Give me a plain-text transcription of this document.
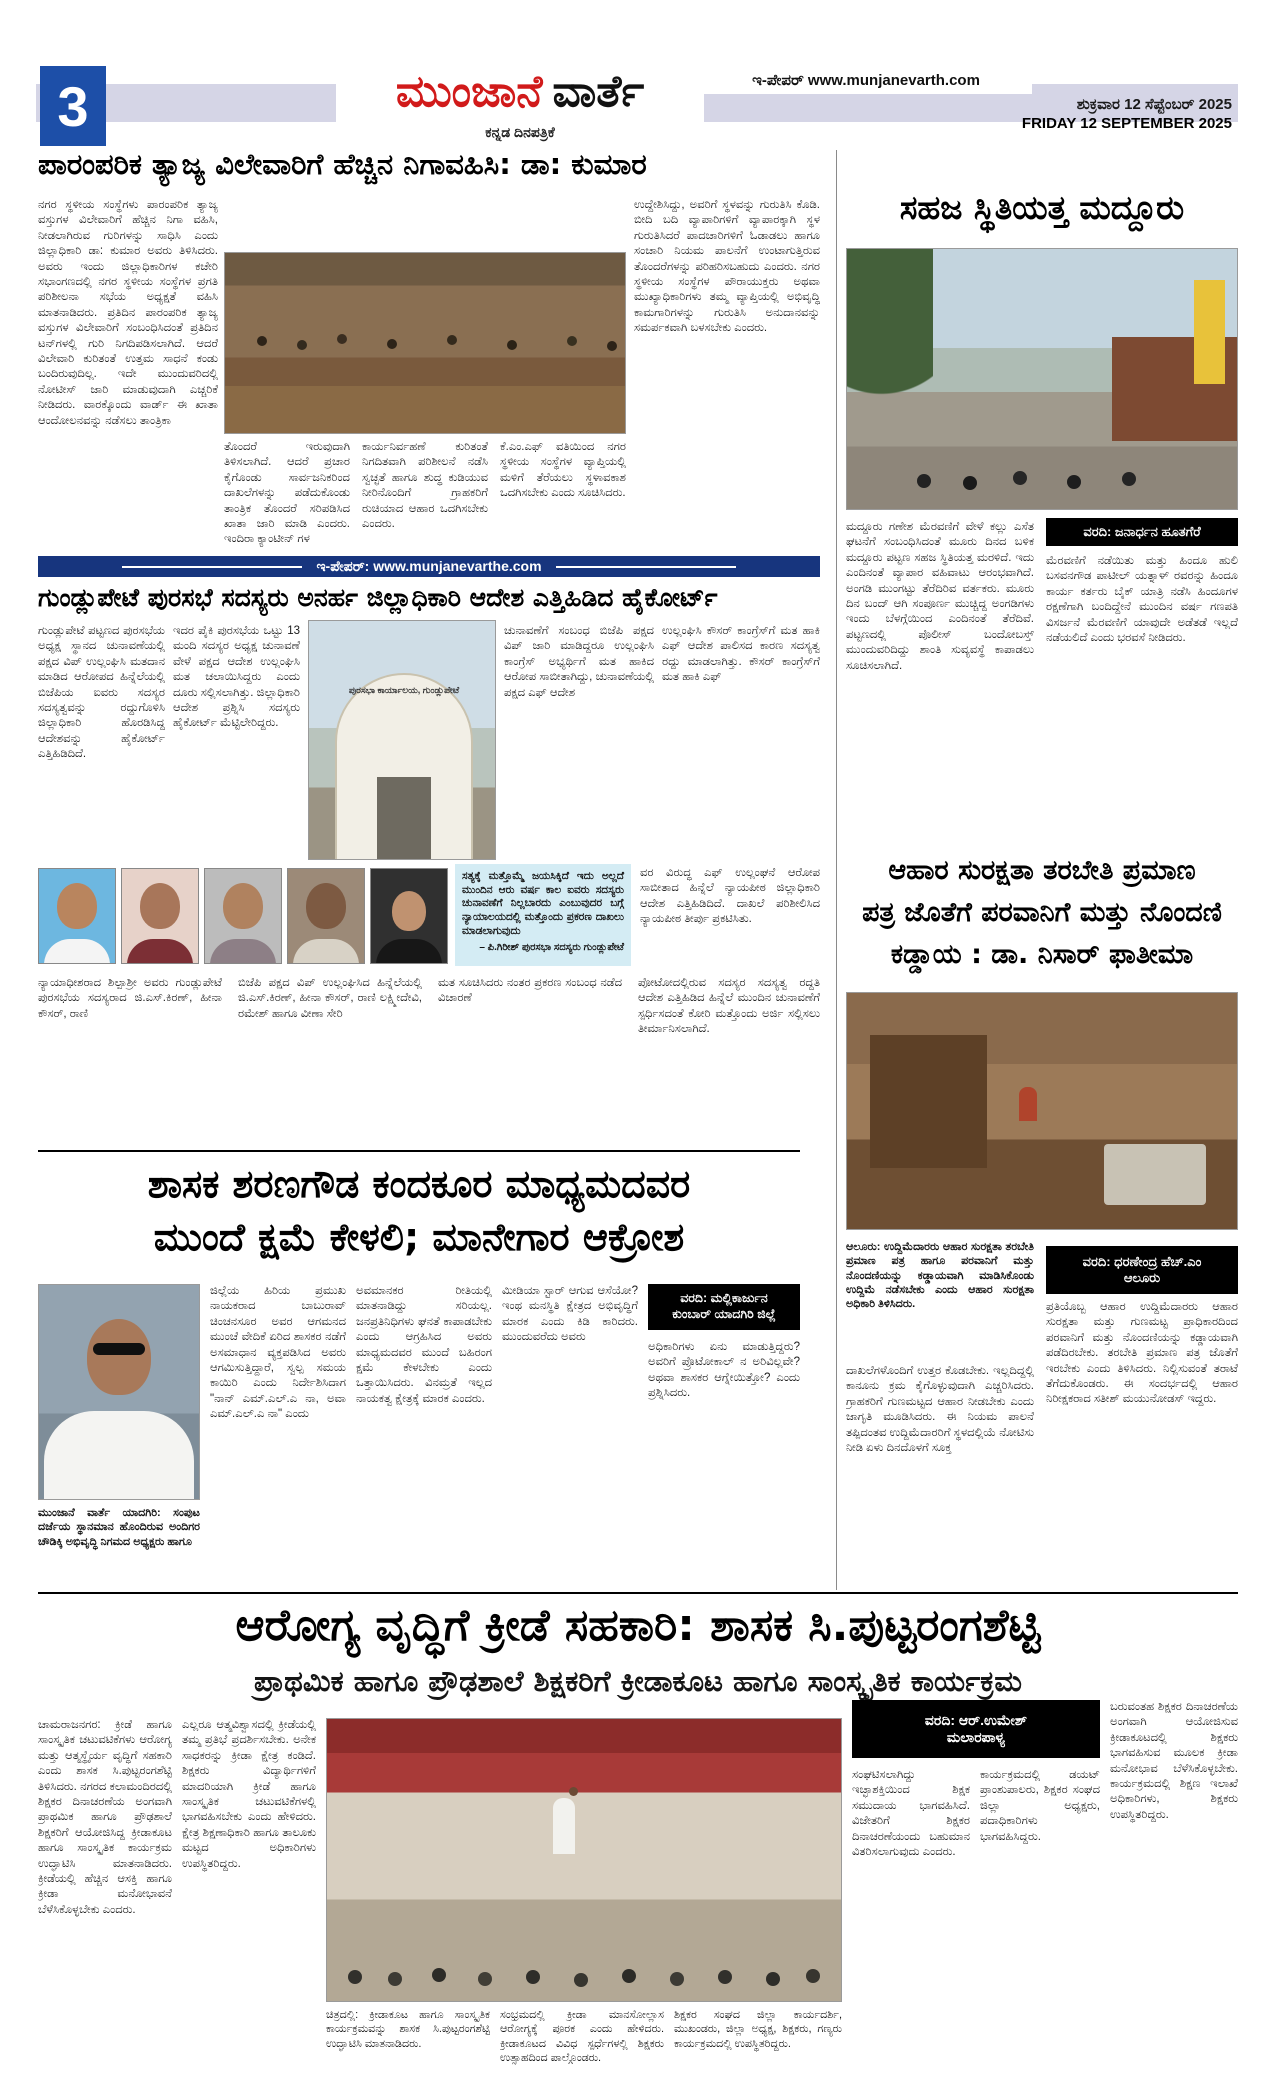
3	ಮುಂಜಾನೆ ವಾರ್ತೆ
ಕನ್ನಡ ದಿನಪತ್ರಿಕೆ
ಇ-ಪೇಪರ್ www.munjanevarth.com
ಶುಕ್ರವಾರ 12 ಸೆಪ್ಟೆಂಬರ್ 2025
FRIDAY 12 SEPTEMBER 2025
ಪಾರಂಪರಿಕ ತ್ಯಾಜ್ಯ ವಿಲೇವಾರಿಗೆ ಹೆಚ್ಚಿನ ನಿಗಾವಹಿಸಿ: ಡಾ: ಕುಮಾರ
ನಗರ ಸ್ಥಳೀಯ ಸಂಸ್ಥೆಗಳು ಪಾರಂಪರಿಕ ತ್ಯಾಜ್ಯ ವಸ್ತುಗಳ ವಿಲೇವಾರಿಗೆ ಹೆಚ್ಚಿನ ನಿಗಾ ವಹಿಸಿ, ನೀಡಲಾಗಿರುವ ಗುರಿಗಳನ್ನು ಸಾಧಿಸಿ ಎಂದು ಜಿಲ್ಲಾಧಿಕಾರಿ ಡಾ: ಕುಮಾರ ಅವರು ತಿಳಿಸಿದರು. ಅವರು ಇಂದು ಜಿಲ್ಲಾಧಿಕಾರಿಗಳ ಕಚೇರಿ ಸಭಾಂಗಣದಲ್ಲಿ ನಗರ ಸ್ಥಳೀಯ ಸಂಸ್ಥೆಗಳ ಪ್ರಗತಿ ಪರಿಶೀಲನಾ ಸಭೆಯ ಅಧ್ಯಕ್ಷತೆ ವಹಿಸಿ ಮಾತನಾಡಿದರು. ಪ್ರತಿದಿನ ಪಾರಂಪರಿಕ ತ್ಯಾಜ್ಯ ವಸ್ತುಗಳ ವಿಲೇವಾರಿಗೆ ಸಂಬಂಧಿಸಿದಂತೆ ಪ್ರತಿದಿನ ಟನ್‌ಗಳಲ್ಲಿ ಗುರಿ ನಿಗದಿಪಡಿಸಲಾಗಿದೆ. ಆದರೆ ವಿಲೇವಾರಿ ಕುರಿತಂತೆ ಉತ್ತಮ ಸಾಧನೆ ಕಂಡು ಬಂದಿರುವುದಿಲ್ಲ. ಇದೇ ಮುಂದುವರಿದಲ್ಲಿ ನೋಟೀಸ್ ಜಾರಿ ಮಾಡುವುದಾಗಿ ಎಚ್ಚರಿಕೆ ನೀಡಿದರು. ವಾರಕ್ಕೊಂದು ವಾರ್ಡ್ ಈ ಖಾತಾ ಆಂದೋಲನವನ್ನು ನಡೆಸಲು ತಾಂತ್ರಿಕಾ
ಉದ್ದೇಶಿಸಿದ್ದು, ಅವರಿಗೆ ಸ್ಥಳವನ್ನು ಗುರುತಿಸಿ ಕೊಡಿ. ಬೀದಿ ಬದಿ ವ್ಯಾಪಾರಿಗಳಿಗೆ ವ್ಯಾಪಾರಕ್ಕಾಗಿ ಸ್ಥಳ ಗುರುತಿಸಿದರೆ ಪಾದಚಾರಿಗಳಿಗೆ ಓಡಾಡಲು ಹಾಗೂ ಸಂಚಾರಿ ನಿಯಮ ಪಾಲನೆಗೆ ಉಂಟಾಗುತ್ತಿರುವ ತೊಂದರೆಗಳನ್ನು ಪರಿಹರಿಸಬಹುದು ಎಂದರು. ನಗರ ಸ್ಥಳೀಯ ಸಂಸ್ಥೆಗಳ ಪೌರಾಯುಕ್ತರು ಅಥವಾ ಮುಖ್ಯಾಧಿಕಾರಿಗಳು ತಮ್ಮ ವ್ಯಾಪ್ತಿಯಲ್ಲಿ ಅಭಿವೃದ್ಧಿ ಕಾಮಗಾರಿಗಳನ್ನು ಗುರುತಿಸಿ ಅನುದಾನವನ್ನು ಸಮರ್ಪಕವಾಗಿ ಬಳಸಬೇಕು ಎಂದರು.
ತೊಂದರೆ ಇರುವುದಾಗಿ ತಿಳಿಸಲಾಗಿದೆ. ಆದರೆ ಪ್ರಚಾರ ಕೈಗೊಂಡು ಸಾರ್ವಜನಿಕರಿಂದ ದಾಖಲೆಗಳನ್ನು ಪಡೆದುಕೊಂಡು ತಾಂತ್ರಿಕ ತೊಂದರೆ ಸರಿಪಡಿಸಿದ ಖಾತಾ ಜಾರಿ ಮಾಡಿ ಎಂದರು. ಇಂದಿರಾ ಕ್ಯಾಂಟೀನ್ ಗಳ
ಕಾರ್ಯನಿರ್ವಹಣೆ ಕುರಿತಂತೆ ನಿಗದಿತವಾಗಿ ಪರಿಶೀಲನೆ ನಡೆಸಿ ಸ್ವಚ್ಛತೆ ಹಾಗೂ ಶುದ್ಧ ಕುಡಿಯುವ ನೀರಿನೊಂದಿಗೆ ಗ್ರಾಹಕರಿಗೆ ರುಚಿಯಾದ ಆಹಾರ ಒದಗಿಸಬೇಕು ಎಂದರು.
ಕೆ.ಎಂ.ಎಫ್ ವತಿಯಿಂದ ನಗರ ಸ್ಥಳೀಯ ಸಂಸ್ಥೆಗಳ ವ್ಯಾಪ್ತಿಯಲ್ಲಿ ಮಳಿಗೆ ತೆರೆಯಲು ಸ್ಥಳಾವಕಾಶ ಒದಗಿಸಬೇಕು ಎಂದು ಸೂಚಿಸಿದರು.
ಇ-ಪೇಪರ್: www.munjanevarthe.com
ಗುಂಡ್ಲುಪೇಟೆ ಪುರಸಭೆ ಸದಸ್ಯರು ಅನರ್ಹ ಜಿಲ್ಲಾಧಿಕಾರಿ ಆದೇಶ ಎತ್ತಿಹಿಡಿದ ಹೈಕೋರ್ಟ್
ಗುಂಡ್ಲುಪೇಟೆ ಪಟ್ಟಣದ ಪುರಸಭೆಯ ಅಧ್ಯಕ್ಷ ಸ್ಥಾನದ ಚುನಾವಣೆಯಲ್ಲಿ ಪಕ್ಷದ ವಿಪ್ ಉಲ್ಲಂಘಿಸಿ ಮತದಾನ ಮಾಡಿದ ಆರೋಪದ ಹಿನ್ನೆಲೆಯಲ್ಲಿ ಬಿಜೆಪಿಯ ಐವರು ಸದಸ್ಯರ ಸದಸ್ಯತ್ವವನ್ನು ರದ್ದುಗೊಳಿಸಿ ಜಿಲ್ಲಾಧಿಕಾರಿ ಹೊರಡಿಸಿದ್ದ ಆದೇಶವನ್ನು ಹೈಕೋರ್ಟ್ ಎತ್ತಿಹಿಡಿದಿದೆ.
ಇದರ ಪೈಕಿ ಪುರಸಭೆಯ ಒಟ್ಟು 13 ಮಂದಿ ಸದಸ್ಯರ ಅಧ್ಯಕ್ಷ ಚುನಾವಣೆ ವೇಳೆ ಪಕ್ಷದ ಆದೇಶ ಉಲ್ಲಂಘಿಸಿ ಮತ ಚಲಾಯಿಸಿದ್ದರು ಎಂದು ದೂರು ಸಲ್ಲಿಸಲಾಗಿತ್ತು. ಜಿಲ್ಲಾಧಿಕಾರಿ ಆದೇಶ ಪ್ರಶ್ನಿಸಿ ಸದಸ್ಯರು ಹೈಕೋರ್ಟ್ ಮೆಟ್ಟಿಲೇರಿದ್ದರು.
ಪುರಸಭಾ ಕಾರ್ಯಾಲಯ, ಗುಂಡ್ಲುಪೇಟೆ
ಚುನಾವಣೆಗೆ ಸಂಬಂಧ ಬಿಜೆಪಿ ಪಕ್ಷದ ವಿಪ್ ಜಾರಿ ಮಾಡಿದ್ದರೂ ಉಲ್ಲಂಘಿಸಿ ಕಾಂಗ್ರೆಸ್ ಅಭ್ಯರ್ಥಿಗೆ ಮತ ಹಾಕಿದ ಆರೋಪ ಸಾಬೀತಾಗಿದ್ದು, ಚುನಾವಣೆಯಲ್ಲಿ ಪಕ್ಷದ ಎಫ್ ಆದೇಶ
ಉಲ್ಲಂಘಿಸಿ ಕೌಸರ್ ಕಾಂಗ್ರೆಸ್‌ಗೆ ಮತ ಹಾಕಿ ಎಫ್ ಆದೇಶ ಪಾಲಿಸದ ಕಾರಣ ಸದಸ್ಯತ್ವ ರದ್ದು ಮಾಡಲಾಗಿತ್ತು. ಕೌಸರ್ ಕಾಂಗ್ರೆಸ್‌ಗೆ ಮತ ಹಾಕಿ ಎಫ್
ಸತ್ಯಕ್ಕೆ ಮತ್ತೊಮ್ಮೆ ಜಯಸಿಕ್ಕಿದೆ ಇದು ಅಲ್ಲದೆ ಮುಂದಿನ ಆರು ವರ್ಷ ಕಾಲ ಐವರು ಸದಸ್ಯರು ಚುನಾವಣೆಗೆ ನಿಲ್ಲಬಾರದು ಎಂಬುವುದರ ಬಗ್ಗೆ ನ್ಯಾಯಾಲಯದಲ್ಲಿ ಮತ್ತೊಂದು ಪ್ರಕರಣ ದಾಖಲು ಮಾಡಲಾಗುವುದು
– ಪಿ.ಗಿರೀಶ್ ಪುರಸಭಾ ಸದಸ್ಯರು ಗುಂಡ್ಲುಪೇಟೆ
ವರ ವಿರುದ್ಧ ಎಫ್ ಉಲ್ಲಂಘನೆ ಆರೋಪ ಸಾಬೀತಾದ ಹಿನ್ನೆಲೆ ನ್ಯಾಯಪೀಠ ಜಿಲ್ಲಾಧಿಕಾರಿ ಆದೇಶ ಎತ್ತಿಹಿಡಿದಿದೆ. ದಾಖಲೆ ಪರಿಶೀಲಿಸಿದ ನ್ಯಾಯಪೀಠ ತೀರ್ಪು ಪ್ರಕಟಿಸಿತು.
ನ್ಯಾಯಾಧೀಶರಾದ ಶಿಲ್ಪಾಶ್ರೀ ಅವರು ಗುಂಡ್ಲುಪೇಟೆ ಪುರಸಭೆಯ ಸದಸ್ಯರಾದ ಜಿ.ಎಸ್.ಕಿರಣ್, ಹೀನಾ ಕೌಸರ್, ರಾಣಿ
ಬಿಜೆಪಿ ಪಕ್ಷದ ವಿಪ್ ಉಲ್ಲಂಘಿಸಿದ ಹಿನ್ನೆಲೆಯಲ್ಲಿ ಜಿ.ಎಸ್.ಕಿರಣ್, ಹೀನಾ ಕೌಸರ್, ರಾಣಿ ಲಕ್ಷ್ಮೀದೇವಿ, ರಮೇಶ್ ಹಾಗೂ ವೀಣಾ ಸೇರಿ
ಮತ ಸೂಚಿಸಿದರು ನಂತರ ಪ್ರಕರಣ ಸಂಬಂಧ ನಡೆದ ವಿಚಾರಣೆ
ಪೋಟೋದಲ್ಲಿರುವ ಸದಸ್ಯರ ಸದಸ್ಯತ್ವ ರದ್ದತಿ ಆದೇಶ ಎತ್ತಿಹಿಡಿದ ಹಿನ್ನೆಲೆ ಮುಂದಿನ ಚುನಾವಣೆಗೆ ಸ್ಪರ್ಧಿಸದಂತೆ ಕೋರಿ ಮತ್ತೊಂದು ಅರ್ಜಿ ಸಲ್ಲಿಸಲು ತೀರ್ಮಾನಿಸಲಾಗಿದೆ.
ಶಾಸಕ ಶರಣಗೌಡ ಕಂದಕೂರ ಮಾಧ್ಯಮದವರ
ಮುಂದೆ ಕ್ಷಮೆ ಕೇಳಲಿ; ಮಾನೇಗಾರ ಆಕ್ರೋಶ
ಮುಂಜಾನೆ ವಾರ್ತೆ ಯಾದಗಿರಿ: ಸಂಪುಟ ದರ್ಜೆಯ ಸ್ಥಾನಮಾನ ಹೊಂದಿರುವ ಅಂದಿಗರ ಚೌಡಿಕ್ಕಿ ಅಭಿವೃದ್ಧಿ ನಿಗಮದ ಅಧ್ಯಕ್ಷರು ಹಾಗೂ
ಜಿಲ್ಲೆಯ ಹಿರಿಯ ಪ್ರಮುಖ ನಾಯಕರಾದ ಬಾಬುರಾವ್ ಚಿಂಚನಸೂರ ಅವರ ಆಗಮನದ ಮುಂಚೆ ವೇದಿಕೆ ಏರಿದ ಶಾಸಕರ ನಡೆಗೆ ಅಸಮಾಧಾನ ವ್ಯಕ್ತಪಡಿಸಿದ ಅವರು ಆಗಮಿಸುತ್ತಿದ್ದಾರೆ, ಸ್ವಲ್ಪ ಸಮಯ ಕಾಯಿರಿ ಎಂದು ನಿರ್ದೇಶಿಸಿದಾಗ "ನಾನ್ ಎಮ್.ಎಲ್.ಎ ನಾ, ಅವಾ ಎಮ್.ಎಲ್.ಎ ನಾ" ಎಂದು
ಅವಮಾನಕರ ರೀತಿಯಲ್ಲಿ ಮಾತನಾಡಿದ್ದು ಸರಿಯಲ್ಲ. ಜನಪ್ರತಿನಿಧಿಗಳು ಘನತೆ ಕಾಪಾಡಬೇಕು ಎಂದು ಆಗ್ರಹಿಸಿದ ಅವರು ಮಾಧ್ಯಮದವರ ಮುಂದೆ ಬಹಿರಂಗ ಕ್ಷಮೆ ಕೇಳಬೇಕು ಎಂದು ಒತ್ತಾಯಿಸಿದರು. ವಿನಮ್ರತೆ ಇಲ್ಲದ ನಾಯಕತ್ವ ಕ್ಷೇತ್ರಕ್ಕೆ ಮಾರಕ ಎಂದರು.
ಮೀಡಿಯಾ ಸ್ಟಾರ್ ಆಗುವ ಆಸೆಯೋ? ಇಂಥ ಮನಸ್ಥಿತಿ ಕ್ಷೇತ್ರದ ಅಭಿವೃದ್ಧಿಗೆ ಮಾರಕ ಎಂದು ಕಿಡಿ ಕಾರಿದರು. ಮುಂದುವರೆದು ಅವರು
ವರದಿ: ಮಲ್ಲಿಕಾರ್ಜುನ
ಕುಂಬಾರ್ ಯಾದಗಿರಿ ಜಿಲ್ಲೆ
ಅಧಿಕಾರಿಗಳು ಏನು ಮಾಡುತ್ತಿದ್ದರು? ಅವರಿಗೆ ಪ್ರೊಟೋಕಾಲ್ ನ ಅರಿವಿಲ್ಲವೇ? ಅಥವಾ ಶಾಸಕರ ಆಗ್ನೇಯಿತ್ತೋ? ಎಂದು ಪ್ರಶ್ನಿಸಿದರು.
ಸಹಜ ಸ್ಥಿತಿಯತ್ತ ಮದ್ದೂರು
ವರದಿ: ಜನಾರ್ಧನ ಹೂತಗೆರೆ
ಮದ್ದೂರು ಗಣೇಶ ಮೆರವಣಿಗೆ ವೇಳೆ ಕಲ್ಲು ಎಸೆತ ಘಟನೆಗೆ ಸಂಬಂಧಿಸಿದಂತೆ ಮೂರು ದಿನದ ಬಳಿಕ ಮದ್ದೂರು ಪಟ್ಟಣ ಸಹಜ ಸ್ಥಿತಿಯತ್ತ ಮರಳಿದೆ. ಇದು ಎಂದಿನಂತೆ ವ್ಯಾಪಾರ ವಹಿವಾಟು ಆರಂಭವಾಗಿದೆ. ಅಂಗಡಿ ಮುಂಗಟ್ಟು ತೆರೆದಿರಿವ ವರ್ತಕರು. ಮೂರು ದಿನ ಬಂದ್ ಆಗಿ ಸಂಪೂರ್ಣ ಮುಚ್ಚಿದ್ದ ಅಂಗಡಿಗಳು ಇಂದು ಬೆಳಗ್ಗೆಯಿಂದ ಎಂದಿನಂತೆ ತೆರೆದಿವೆ. ಪಟ್ಟಣದಲ್ಲಿ ಪೊಲೀಸ್ ಬಂದೋಬಸ್ತ್ ಮುಂದುವರಿದಿದ್ದು ಶಾಂತಿ ಸುವ್ಯವಸ್ಥೆ ಕಾಪಾಡಲು ಸೂಚಿಸಲಾಗಿದೆ.
ಮೆರವಣಿಗೆ ನಡೆಯಿತು ಮತ್ತು ಹಿಂದೂ ಹುಲಿ ಬಸವನಗೌಡ ಪಾಟೀಲ್ ಯತ್ನಾಳ್ ರವರನ್ನು ಹಿಂದೂ ಕಾರ್ಯ ಕರ್ತರು ಬೈಕ್ ಯಾತ್ರಿ ನಡೆಸಿ ಹಿಂದೂಗಳ ರಕ್ಷಣೆಗಾಗಿ ಬಂದಿದ್ದೇನೆ ಮುಂದಿನ ವರ್ಷ ಗಣಪತಿ ವಿಸರ್ಜನೆ ಮೆರವಣಿಗೆ ಯಾವುದೇ ಅಡೆತಡೆ ಇಲ್ಲದೆ ನಡೆಯಲಿದೆ ಎಂದು ಭರವಸೆ ನೀಡಿದರು.
ಆಹಾರ ಸುರಕ್ಷತಾ ತರಬೇತಿ ಪ್ರಮಾಣ
ಪತ್ರ ಜೊತೆಗೆ ಪರವಾನಿಗೆ ಮತ್ತು ನೊಂದಣಿ
ಕಡ್ಡಾಯ : ಡಾ. ನಿಸಾರ್ ಫಾತೀಮಾ
ಆಲೂರು: ಉದ್ದಿಮೆದಾರರು ಆಹಾರ ಸುರಕ್ಷತಾ ತರಬೇತಿ ಪ್ರಮಾಣ ಪತ್ರ ಹಾಗೂ ಪರವಾನಿಗೆ ಮತ್ತು ನೊಂದಣಿಯನ್ನು ಕಡ್ಡಾಯವಾಗಿ ಮಾಡಿಸಿಕೊಂಡು ಉದ್ದಿಮೆ ನಡೆಸಬೇಕು ಎಂದು ಆಹಾರ ಸುರಕ್ಷತಾ ಅಧಿಕಾರಿ ತಿಳಿಸಿದರು.
ವರದಿ: ಧರಣೇಂದ್ರ ಹೆಚ್.ಎಂ
ಆಲೂರು
ದಾಖಲೆಗಳೊಂದಿಗೆ ಉತ್ತರ ಕೊಡಬೇಕು. ಇಲ್ಲದಿದ್ದಲ್ಲಿ ಕಾನೂನು ಕ್ರಮ ಕೈಗೊಳ್ಳುವುದಾಗಿ ಎಚ್ಚರಿಸಿದರು. ಗ್ರಾಹಕರಿಗೆ ಗುಣಮಟ್ಟದ ಆಹಾರ ನೀಡಬೇಕು ಎಂದು ಜಾಗೃತಿ ಮೂಡಿಸಿದರು. ಈ ನಿಯಮ ಪಾಲನೆ ತಪ್ಪಿದಂತವ ಉದ್ದಿಮೆದಾರರಿಗೆ ಸ್ಥಳದಲ್ಲಿಯೆ ನೋಟಿಸು ನೀಡಿ ಏಳು ದಿನದೊಳಗೆ ಸೂಕ್ತ
ಪ್ರತಿಯೊಬ್ಬ ಆಹಾರ ಉದ್ದಿಮೆದಾರರು ಆಹಾರ ಸುರಕ್ಷತಾ ಮತ್ತು ಗುಣಮಟ್ಟ ಪ್ರಾಧಿಕಾರದಿಂದ ಪರವಾನಿಗೆ ಮತ್ತು ನೊಂದಣಿಯನ್ನು ಕಡ್ಡಾಯವಾಗಿ ಪಡೆದಿರಬೇಕು. ತರಬೇತಿ ಪ್ರಮಾಣ ಪತ್ರ ಜೊತೆಗೆ ಇರಬೇಕು ಎಂದು ತಿಳಿಸಿದರು. ನಿಲ್ಲಿಸುವಂತೆ ತರಾಟೆ ತೆಗೆದುಕೊಂಡರು. ಈ ಸಂದರ್ಭದಲ್ಲಿ ಆಹಾರ ನಿರೀಕ್ಷಕರಾದ ಸತೀಶ್ ಮಯುನೋಡಸ್ ಇದ್ದರು.
ಆರೋಗ್ಯ ವೃದ್ಧಿಗೆ ಕ್ರೀಡೆ ಸಹಕಾರಿ: ಶಾಸಕ ಸಿ.ಪುಟ್ಟರಂಗಶೆಟ್ಟಿ
ಪ್ರಾಥಮಿಕ ಹಾಗೂ ಪ್ರೌಢಶಾಲೆ ಶಿಕ್ಷಕರಿಗೆ ಕ್ರೀಡಾಕೂಟ ಹಾಗೂ ಸಾಂಸ್ಕೃತಿಕ ಕಾರ್ಯಕ್ರಮ
ಚಾಮರಾಜನಗರ: ಕ್ರೀಡೆ ಹಾಗೂ ಸಾಂಸ್ಕೃತಿಕ ಚಟುವಟಿಕೆಗಳು ಆರೋಗ್ಯ ಮತ್ತು ಆತ್ಮಸ್ಥೈರ್ಯ ವೃದ್ಧಿಗೆ ಸಹಕಾರಿ ಎಂದು ಶಾಸಕ ಸಿ.ಪುಟ್ಟರಂಗಶೆಟ್ಟಿ ತಿಳಿಸಿದರು. ನಗರದ ಕಲಾಮಂದಿರದಲ್ಲಿ ಶಿಕ್ಷಕರ ದಿನಾಚರಣೆಯ ಅಂಗವಾಗಿ ಪ್ರಾಥಮಿಕ ಹಾಗೂ ಪ್ರೌಢಶಾಲೆ ಶಿಕ್ಷಕರಿಗೆ ಆಯೋಜಿಸಿದ್ದ ಕ್ರೀಡಾಕೂಟ ಹಾಗೂ ಸಾಂಸ್ಕೃತಿಕ ಕಾರ್ಯಕ್ರಮ ಉದ್ಘಾಟಿಸಿ ಮಾತನಾಡಿದರು. ಕ್ರೀಡೆಯಲ್ಲಿ ಹೆಚ್ಚಿನ ಆಸಕ್ತಿ ಹಾಗೂ ಕ್ರೀಡಾ ಮನೋಭಾವನೆ ಬೆಳೆಸಿಕೊಳ್ಳಬೇಕು ಎಂದರು.
ಎಲ್ಲರೂ ಆತ್ಮವಿಶ್ವಾಸದಲ್ಲಿ ಕ್ರೀಡೆಯಲ್ಲಿ ತಮ್ಮ ಪ್ರತಿಭೆ ಪ್ರದರ್ಶಿಸಬೇಕು. ಅನೇಕ ಸಾಧಕರನ್ನು ಕ್ರೀಡಾ ಕ್ಷೇತ್ರ ಕಂಡಿದೆ. ಶಿಕ್ಷಕರು ವಿದ್ಯಾರ್ಥಿಗಳಿಗೆ ಮಾದರಿಯಾಗಿ ಕ್ರೀಡೆ ಹಾಗೂ ಸಾಂಸ್ಕೃತಿಕ ಚಟುವಟಿಕೆಗಳಲ್ಲಿ ಭಾಗವಹಿಸಬೇಕು ಎಂದು ಹೇಳಿದರು. ಕ್ಷೇತ್ರ ಶಿಕ್ಷಣಾಧಿಕಾರಿ ಹಾಗೂ ತಾಲೂಕು ಮಟ್ಟದ ಅಧಿಕಾರಿಗಳು ಉಪಸ್ಥಿತರಿದ್ದರು.
ವರದಿ: ಆರ್.ಉಮೇಶ್
ಮಲಾರಪಾಳ್ಯ
ಬರುವಂತಹ ಶಿಕ್ಷಕರ ದಿನಾಚರಣೆಯ ಅಂಗವಾಗಿ ಆಯೋಜಿಸುವ ಕ್ರೀಡಾಕೂಟದಲ್ಲಿ ಶಿಕ್ಷಕರು ಭಾಗವಹಿಸುವ ಮೂಲಕ ಕ್ರೀಡಾ ಮನೋಭಾವ ಬೆಳೆಸಿಕೊಳ್ಳಬೇಕು. ಕಾರ್ಯಕ್ರಮದಲ್ಲಿ ಶಿಕ್ಷಣ ಇಲಾಖೆ ಅಧಿಕಾರಿಗಳು, ಶಿಕ್ಷಕರು ಉಪಸ್ಥಿತರಿದ್ದರು.
ಸಂಘಟಿಸಲಾಗಿದ್ದು ಇಚ್ಛಾಶಕ್ತಿಯಿಂದ ಶಿಕ್ಷಕ ಸಮುದಾಯ ಭಾಗವಹಿಸಿದೆ. ವಿಜೇತರಿಗೆ ಶಿಕ್ಷಕರ ದಿನಾಚರಣೆಯಂದು ಬಹುಮಾನ ವಿತರಿಸಲಾಗುವುದು ಎಂದರು.
ಕಾರ್ಯಕ್ರಮದಲ್ಲಿ ಡಯಟ್ ಪ್ರಾಂಶುಪಾಲರು, ಶಿಕ್ಷಕರ ಸಂಘದ ಜಿಲ್ಲಾ ಅಧ್ಯಕ್ಷರು, ಪದಾಧಿಕಾರಿಗಳು ಭಾಗವಹಿಸಿದ್ದರು.
ಚಿತ್ರದಲ್ಲಿ: ಕ್ರೀಡಾಕೂಟ ಹಾಗೂ ಸಾಂಸ್ಕೃತಿಕ ಕಾರ್ಯಕ್ರಮವನ್ನು ಶಾಸಕ ಸಿ.ಪುಟ್ಟರಂಗಶೆಟ್ಟಿ ಉದ್ಘಾಟಿಸಿ ಮಾತನಾಡಿದರು.
ಸಂಭ್ರಮದಲ್ಲಿ ಕ್ರೀಡಾ ಮಾನಸೋಲ್ಲಾಸ ಆರೋಗ್ಯಕ್ಕೆ ಪೂರಕ ಎಂದು ಹೇಳಿದರು. ಕ್ರೀಡಾಕೂಟದ ವಿವಿಧ ಸ್ಪರ್ಧೆಗಳಲ್ಲಿ ಶಿಕ್ಷಕರು ಉತ್ಸಾಹದಿಂದ ಪಾಲ್ಗೊಂಡರು.
ಶಿಕ್ಷಕರ ಸಂಘದ ಜಿಲ್ಲಾ ಕಾರ್ಯದರ್ಶಿ, ಮುಖಂಡರು, ಜಿಲ್ಲಾ ಅಧ್ಯಕ್ಷ, ಶಿಕ್ಷಕರು, ಗಣ್ಯರು ಕಾರ್ಯಕ್ರಮದಲ್ಲಿ ಉಪಸ್ಥಿತರಿದ್ದರು.
